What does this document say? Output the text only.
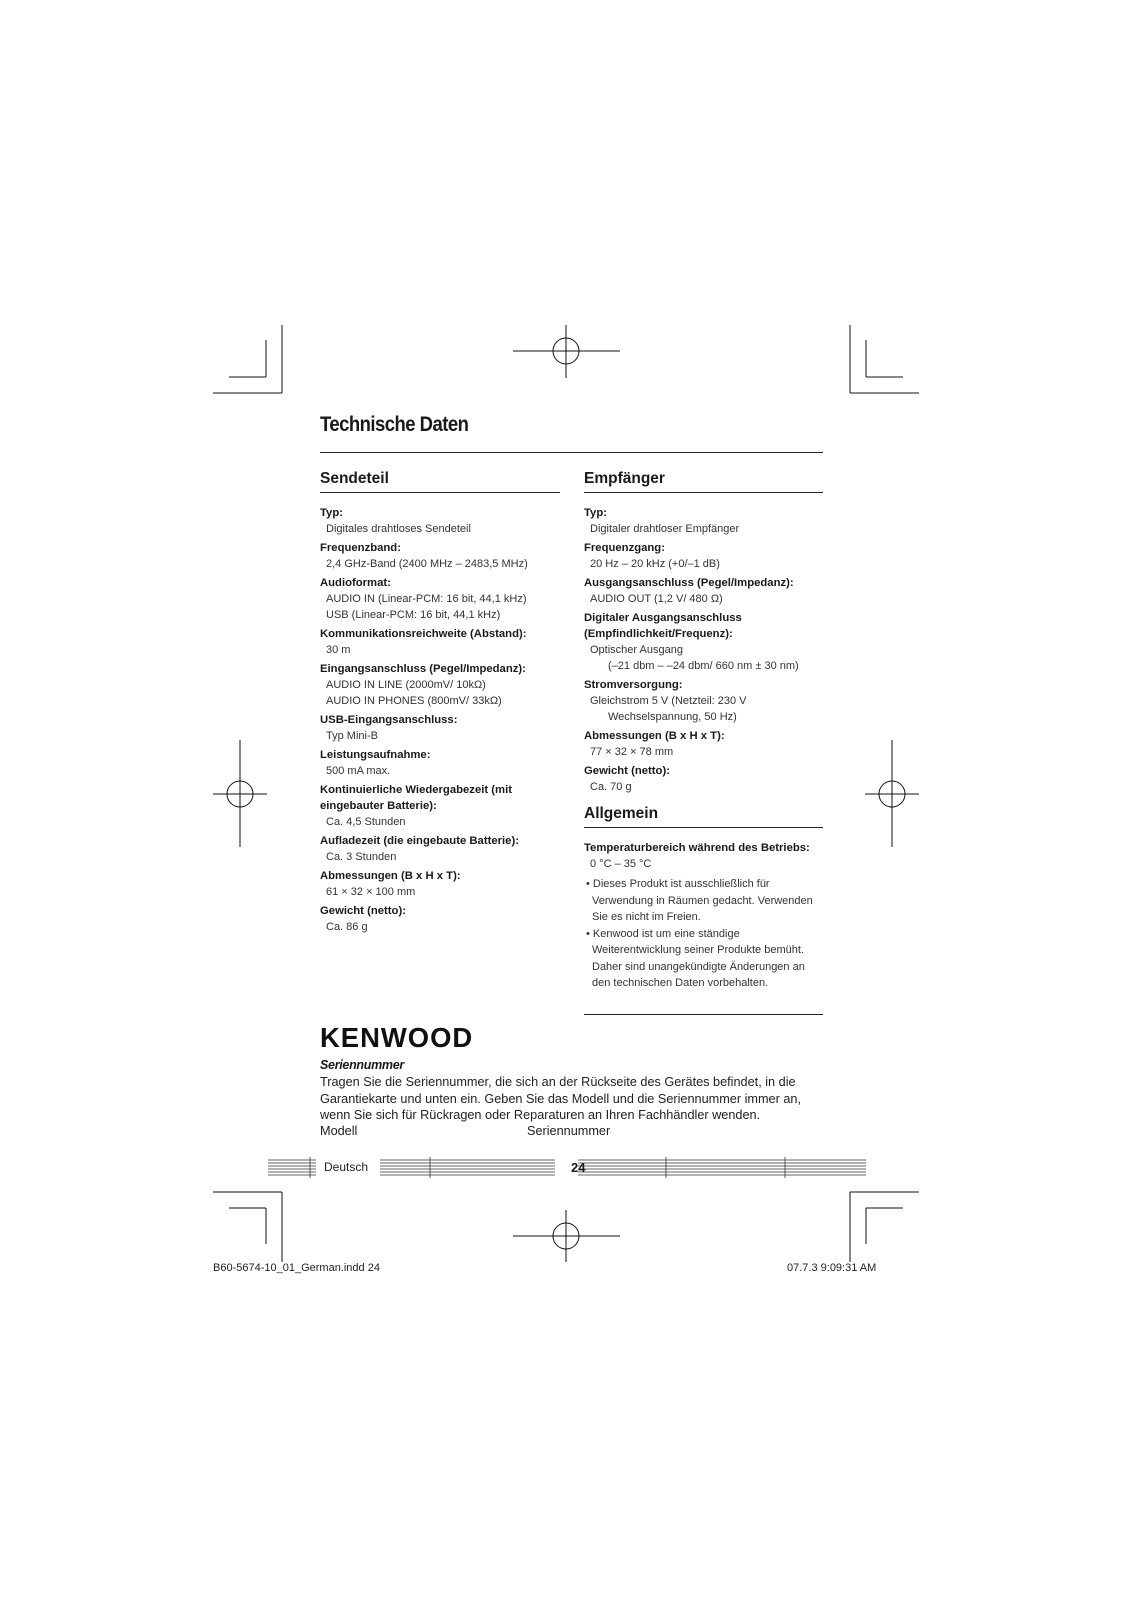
Technische Daten
Sendeteil
Typ:
Digitales drahtloses Sendeteil
Frequenzband:
2,4 GHz-Band (2400 MHz – 2483,5 MHz)
Audioformat:
AUDIO IN (Linear-PCM: 16 bit, 44,1 kHz)
USB (Linear-PCM: 16 bit, 44,1 kHz)
Kommunikationsreichweite (Abstand):
30 m
Eingangsanschluss (Pegel/Impedanz):
AUDIO IN LINE (2000mV/ 10kΩ)
AUDIO IN PHONES (800mV/ 33kΩ)
USB-Eingangsanschluss:
Typ Mini-B
Leistungsaufnahme:
500 mA max.
Kontinuierliche Wiedergabezeit (mit eingebauter Batterie):
Ca. 4,5 Stunden
Aufladezeit (die eingebaute Batterie):
Ca. 3 Stunden
Abmessungen (B x H x T):
61 × 32 × 100 mm
Gewicht (netto):
Ca. 86 g
Empfänger
Typ:
Digitaler drahtloser Empfänger
Frequenzgang:
20 Hz – 20 kHz (+0/–1 dB)
Ausgangsanschluss (Pegel/Impedanz):
AUDIO OUT (1,2 V/ 480 Ω)
Digitaler Ausgangsanschluss (Empfindlichkeit/Frequenz):
Optischer Ausgang
(–21 dbm – –24 dbm/ 660 nm ± 30 nm)
Stromversorgung:
Gleichstrom 5 V (Netzteil: 230 V
Wechselspannung, 50 Hz)
Abmessungen (B x H x T):
77 × 32 × 78 mm
Gewicht (netto):
Ca. 70 g
Allgemein
Temperaturbereich während des Betriebs:
0 °C – 35 °C
• Dieses Produkt ist ausschließlich für Verwendung in Räumen gedacht. Verwenden Sie es nicht im Freien.
• Kenwood ist um eine ständige Weiterentwicklung seiner Produkte bemüht. Daher sind unangekündigte Änderungen an den technischen Daten vorbehalten.
KENWOOD
Seriennummer
Tragen Sie die Seriennummer, die sich an der Rückseite des Gerätes befindet, in die Garantiekarte und unten ein. Geben Sie das Modell und die Seriennummer immer an, wenn Sie sich für Rückragen oder Reparaturen an Ihren Fachhändler wenden.
Modell	Seriennummer
Deutsch	24
B60-5674-10_01_German.indd 24	07.7.3 9:09:31 AM
